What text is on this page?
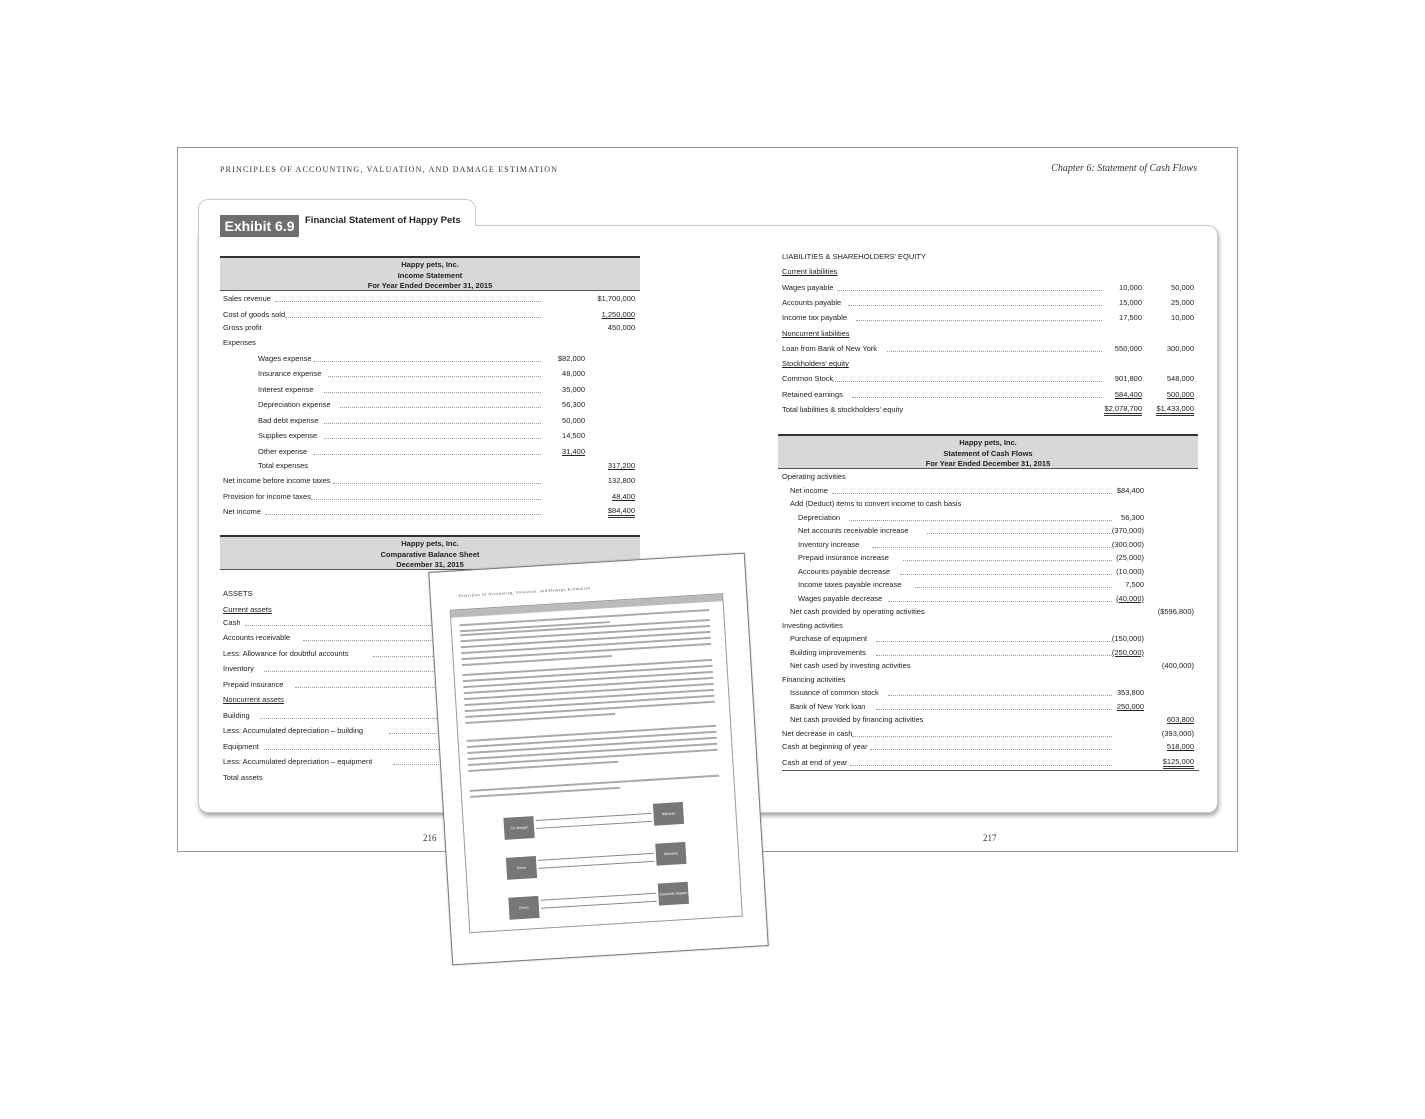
PRINCIPLES OF ACCOUNTING, VALUATION, AND DAMAGE ESTIMATION	Chapter 6: Statement of Cash Flows
Exhibit 6.9	Financial Statement of Happy Pets
Happy pets, Inc.
Income Statement
For Year Ended December 31, 2015
Sales revenue	$1,700,000
Cost of goods sold	1,250,000
Gross profit	450,000
Expenses
Wages expense	$82,000
Insurance expense	48,000
Interest expense	35,000
Depreciation expense	56,300
Bad debt expense	50,000
Supplies expense	14,500
Other expense	31,400
Total expenses	317,200
Net income before income taxes	132,800
Provision for income taxes	48,400
Net income	$84,400
Happy pets, Inc.
Comparative Balance Sheet
December 31, 2015
ASSETS
Current assets
Cash
Accounts receivable
Less: Allowance for doubtful accounts
Inventory
Prepaid insurance
Noncurrent assets
Building
Less: Accumulated depreciation – building
Equipment
Less: Accumulated depreciation – equipment
Total assets
LIABILITIES & SHAREHOLDERS' EQUITY
Current liabilities
Wages payable	10,000	50,000
Accounts payable	15,000	25,000
Income tax payable	17,500	10,000
Noncurrent liabilities
Loan from Bank of New York	550,000	300,000
Stockholders' equity
Common Stock	901,800	548,000
Retained earnings	584,400	500,000
Total liabilities & stockholders' equity	$2,078,700 $1,433,000
Happy pets, Inc.
Statement of Cash Flows
For Year Ended December 31, 2015
Operating activities
Net income	$84,400
Add (Deduct) items to convert income to cash basis
Depreciation	56,300
Net accounts receivable increase	(370,000)
Inventory increase	(300,000)
Prepaid insurance increase	(25,000)
Accounts payable decrease	(10,000)
Income taxes payable increase	7,500
Wages payable decrease	(40,000)
Net cash provided by operating activities	($596,800)
Investing activities
Purchase of equipment	(150,000)
Building improvements	(250,000)
Net cash used by investing activities	(400,000)
Financing activities
Issuance of common stock	353,800
Bank of New York loan	250,000
Net cash provided by financing activities	603,800
Net decrease in cash	(393,000)
Cash at beginning of year	518,000
Cash at end of year	$125,000
216	217
Principles of Accounting, Valuation, and Damage Estimation
J.P. Morgan
Enron
Enron
Mahonia
Mahonia
Stoneville Aegean Ltd.
